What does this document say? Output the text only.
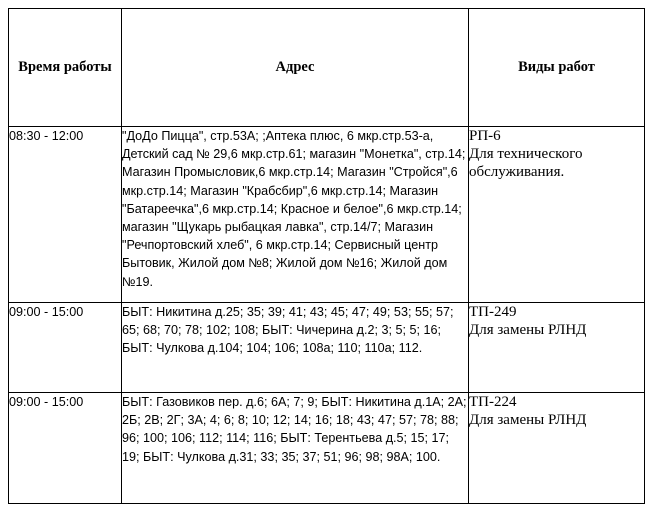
Время работы	Адрес	Виды работ
08:30 - 12:00	"ДоДо Пицца", стр.53А; ;Аптека плюс, 6 мкр.стр.53-а, Детский сад № 29,6 мкр.стр.61; магазин "Монетка", стр.14; Магазин Промысловик,6 мкр.стр.14; Магазин "Стройся",6 мкр.стр.14; Магазин "Крабсбир",6 мкр.стр.14; Магазин "Батареечка",6 мкр.стр.14; Красное и белое",6 мкр.стр.14; магазин "Щукарь рыбацкая лавка", стр.14/7; Магазин "Речпортовский хлеб", 6 мкр.стр.14; Сервисный центр Бытовик, Жилой дом №8; Жилой дом №16; Жилой дом №19.	РП-6
Для технического обслуживания.

09:00 - 15:00	БЫТ: Никитина д.25; 35; 39; 41; 43; 45; 47; 49; 53; 55; 57; 65; 68; 70; 78; 102; 108; БЫТ: Чичерина д.2; 3; 5; 5; 16; БЫТ: Чулкова д.104; 104; 106; 108а; 110; 110а; 112.	ТП-249
Для замены РЛНД

09:00 - 15:00	БЫТ: Газовиков пер. д.6; 6А; 7; 9; БЫТ: Никитина д.1А; 2А; 2Б; 2В; 2Г; 3А; 4; 6; 8; 10; 12; 14; 16; 18; 43; 47; 57; 78; 88; 96; 100; 106; 112; 114; 116; БЫТ: Терентьева д.5; 15; 17; 19; БЫТ: Чулкова д.31; 33; 35; 37; 51; 96; 98; 98А; 100.	ТП-224
Для замены РЛНД
